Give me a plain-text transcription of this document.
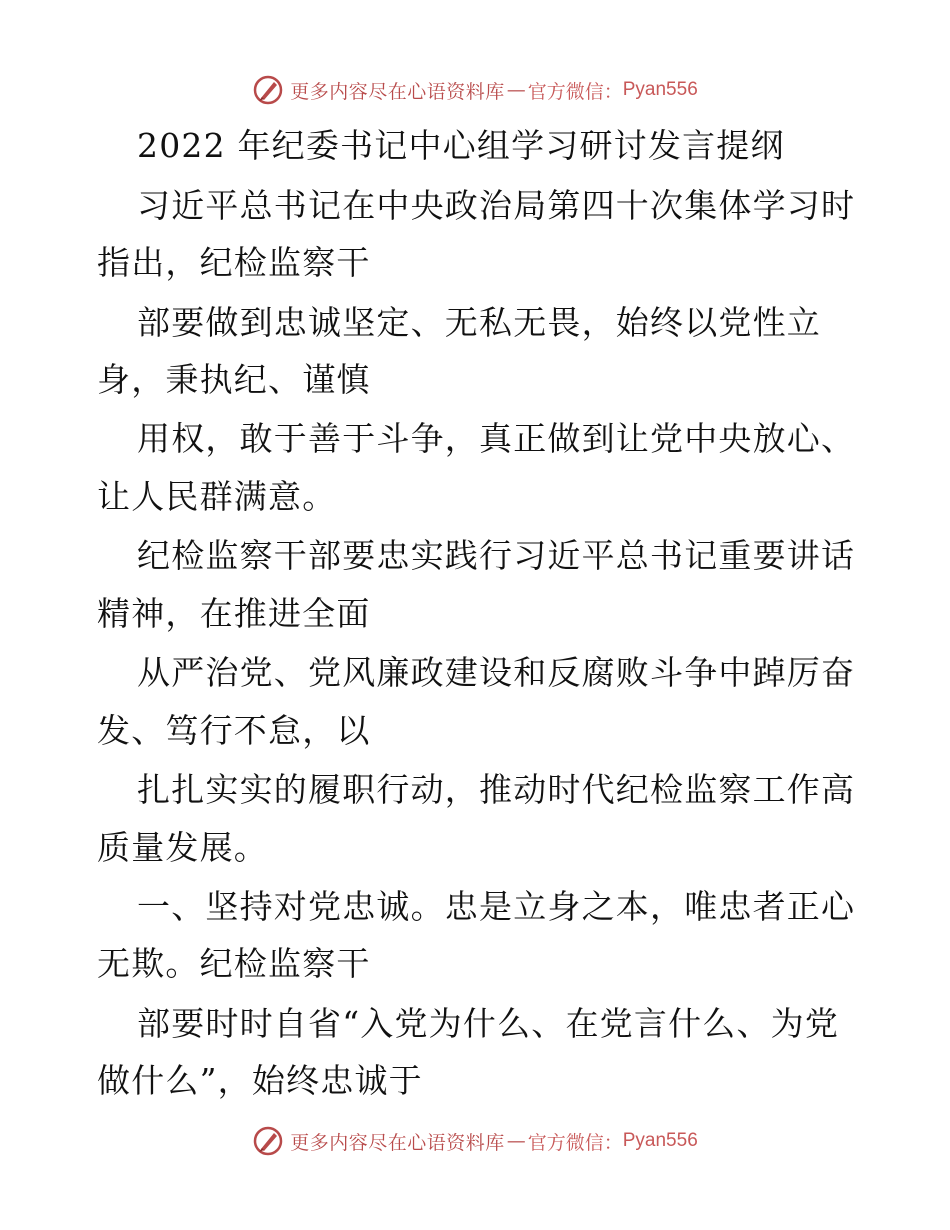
更多内容尽在心语资料库 — 官方微信： Pyan556
2022 年纪委书记中心组学习研讨发言提纲
习近平总书记在中央政治局第四十次集体学习时
指出，纪检监察干
部要做到忠诚坚定、无私无畏，始终以党性立
身，秉执纪、谨慎
用权，敢于善于斗争，真正做到让党中央放心、
让人民群满意。
纪检监察干部要忠实践行习近平总书记重要讲话
精神，在推进全面
从严治党、党风廉政建设和反腐败斗争中踔厉奋
发、笃行不怠，以
扎扎实实的履职行动，推动时代纪检监察工作高
质量发展。
一、坚持对党忠诚。忠是立身之本，唯忠者正心
无欺。纪检监察干
部要时时自省“入党为什么、在党言什么、为党
做什么”，始终忠诚于
更多内容尽在心语资料库 — 官方微信： Pyan556
